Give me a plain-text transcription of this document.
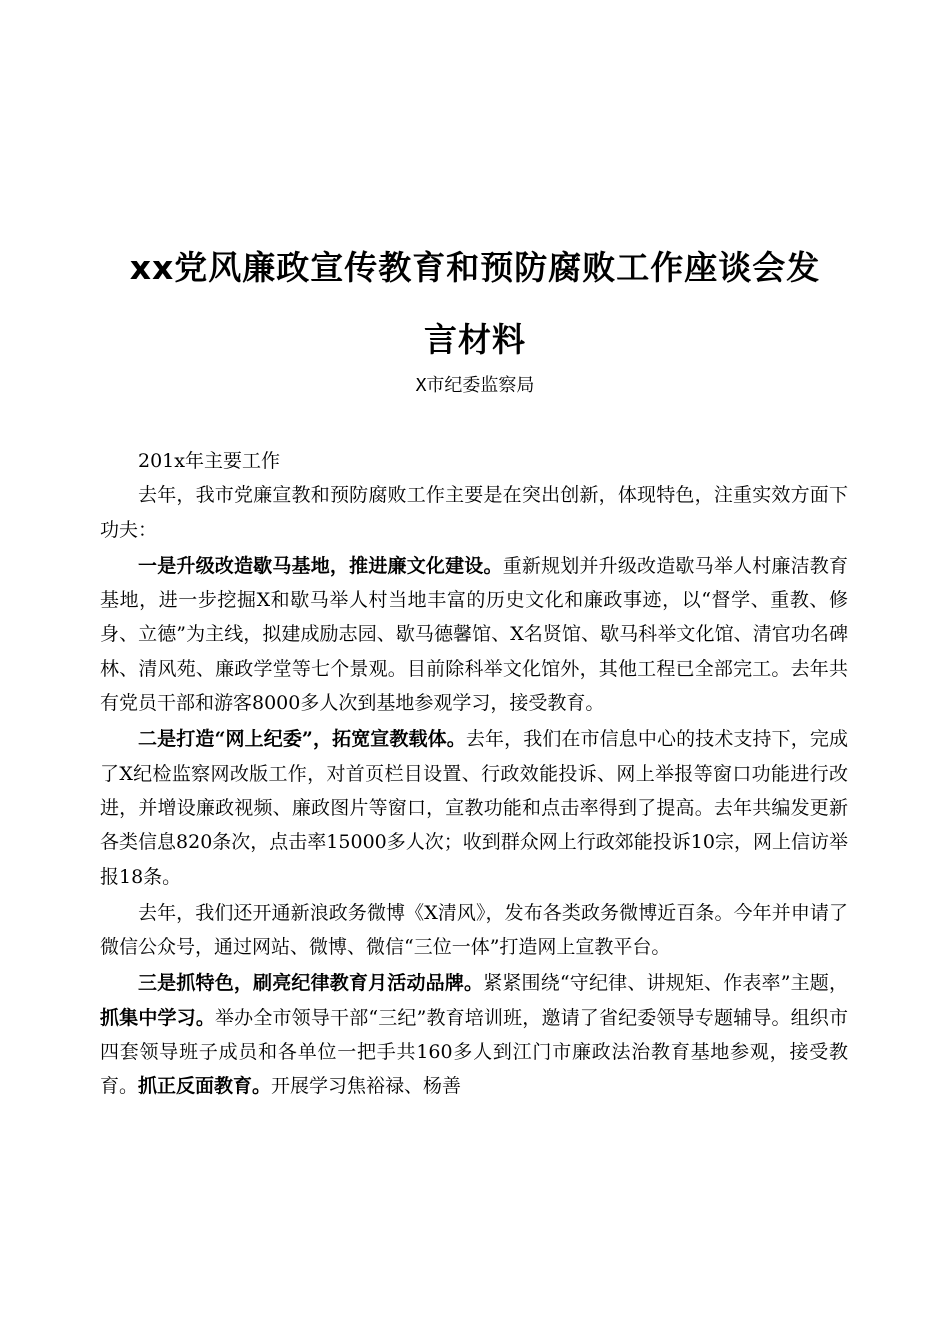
xx党风廉政宣传教育和预防腐败工作座谈会发
言材料
X市纪委监察局

201x年主要工作

去年，我市党廉宣教和预防腐败工作主要是在突出创新，体现特色，注重实效方面下功夫：

一是升级改造歇马基地，推进廉文化建设。重新规划并升级改造歇马举人村廉洁教育基地，进一步挖掘X和歇马举人村当地丰富的历史文化和廉政事迹，以“督学、重教、修身、立德”为主线，拟建成励志园、歇马德馨馆、X名贤馆、歇马科举文化馆、清官功名碑林、清风苑、廉政学堂等七个景观。目前除科举文化馆外，其他工程已全部完工。去年共有党员干部和游客8000多人次到基地参观学习，接受教育。

二是打造“网上纪委”，拓宽宣教载体。去年，我们在市信息中心的技术支持下，完成了X纪检监察网改版工作，对首页栏目设置、行政效能投诉、网上举报等窗口功能进行改进，并增设廉政视频、廉政图片等窗口，宣教功能和点击率得到了提高。去年共编发更新各类信息820条次，点击率15000多人次；收到群众网上行政郊能投诉10宗，网上信访举报18条。

去年，我们还开通新浪政务微博《X清风》，发布各类政务微博近百条。今年并申请了微信公众号，通过网站、微博、微信“三位一体”打造网上宣教平台。

三是抓特色，刷亮纪律教育月活动品牌。紧紧围绕“守纪律、讲规矩、作表率”主题，抓集中学习。举办全市领导干部“三纪”教育培训班，邀请了省纪委领导专题辅导。组织市四套领导班子成员和各单位一把手共160多人到江门市廉政法治教育基地参观，接受教育。抓正反面教育。开展学习焦裕禄、杨善
